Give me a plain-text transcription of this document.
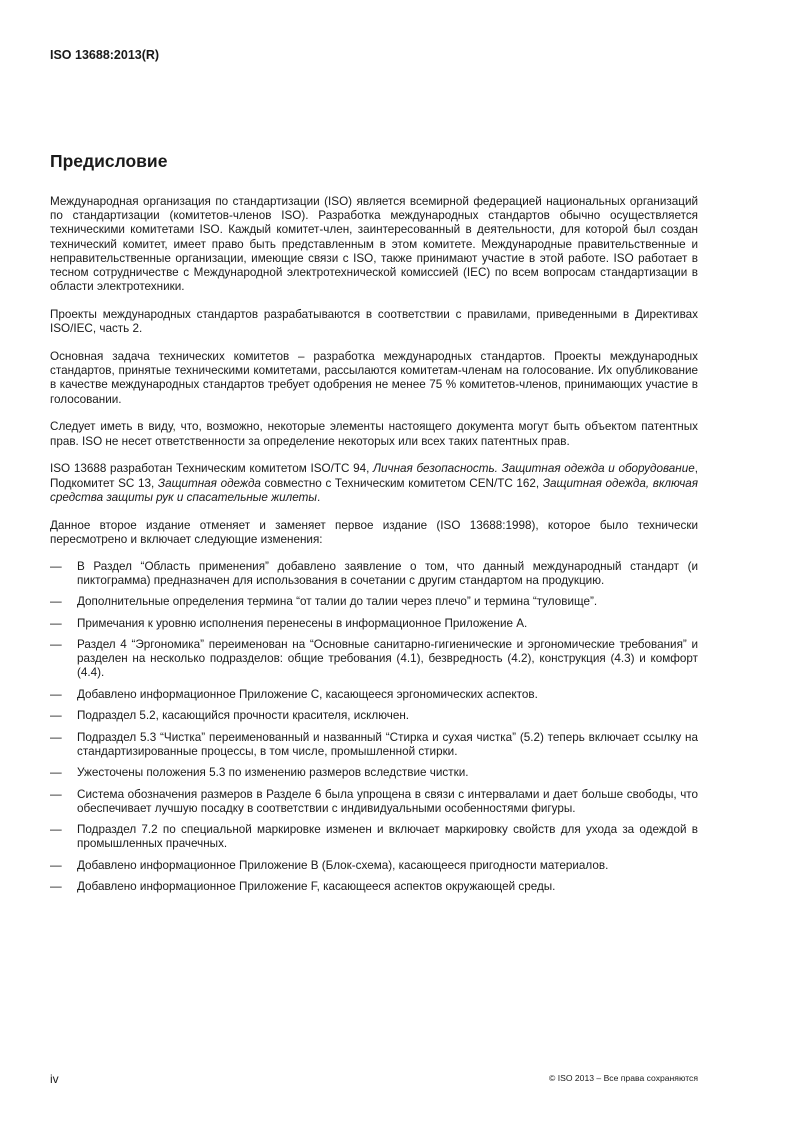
ISO 13688:2013(R)
Предисловие

Международная организация по стандартизации (ISO) является всемирной федерацией национальных организаций по стандартизации (комитетов-членов ISO). Разработка международных стандартов обычно осуществляется техническими комитетами ISO. Каждый комитет-член, заинтересованный в деятельности, для которой был создан технический комитет, имеет право быть представленным в этом комитете. Международные правительственные и неправительственные организации, имеющие связи с ISO, также принимают участие в этой работе. ISO работает в тесном сотрудничестве с Международной электротехнической комиссией (IEC) по всем вопросам стандартизации в области электротехники.

Проекты международных стандартов разрабатываются в соответствии с правилами, приведенными в Директивах ISO/IEC, часть 2.

Основная задача технических комитетов – разработка международных стандартов. Проекты международных стандартов, принятые техническими комитетами, рассылаются комитетам-членам на голосование. Их опубликование в качестве международных стандартов требует одобрения не менее 75 % комитетов-членов, принимающих участие в голосовании.

Следует иметь в виду, что, возможно, некоторые элементы настоящего документа могут быть объектом патентных прав. ISO не несет ответственности за определение некоторых или всех таких патентных прав.

ISO 13688 разработан Техническим комитетом ISO/TC 94, Личная безопасность. Защитная одежда и оборудование, Подкомитет SC 13, Защитная одежда совместно с Техническим комитетом CEN/TC 162, Защитная одежда, включая средства защиты рук и спасательные жилеты.

Данное второе издание отменяет и заменяет первое издание (ISO 13688:1998), которое было технически пересмотрено и включает следующие изменения:

— В Раздел “Область применения” добавлено заявление о том, что данный международный стандарт (и пиктограмма) предназначен для использования в сочетании с другим стандартом на продукцию.
— Дополнительные определения термина “от талии до талии через плечо” и термина “туловище”.
— Примечания к уровню исполнения перенесены в информационное Приложение A.
— Раздел 4 “Эргономика” переименован на “Основные санитарно-гигиенические и эргономические требования” и разделен на несколько подразделов: общие требования (4.1), безвредность (4.2), конструкция (4.3) и комфорт (4.4).
— Добавлено информационное Приложение C, касающееся эргономических аспектов.
— Подраздел 5.2, касающийся прочности красителя, исключен.
— Подраздел 5.3 “Чистка” переименованный и названный “Стирка и сухая чистка” (5.2) теперь включает ссылку на стандартизированные процессы, в том числе, промышленной стирки.
— Ужесточены положения 5.3 по изменению размеров вследствие чистки.
— Система обозначения размеров в Разделе 6 была упрощена в связи с интервалами и дает больше свободы, что обеспечивает лучшую посадку в соответствии с индивидуальными особенностями фигуры.
— Подраздел 7.2 по специальной маркировке изменен и включает маркировку свойств для ухода за одеждой в промышленных прачечных.
— Добавлено информационное Приложение B (Блок-схема), касающееся пригодности материалов.
— Добавлено информационное Приложение F, касающееся аспектов окружающей среды.
iv	© ISO 2013 – Все права сохраняются
